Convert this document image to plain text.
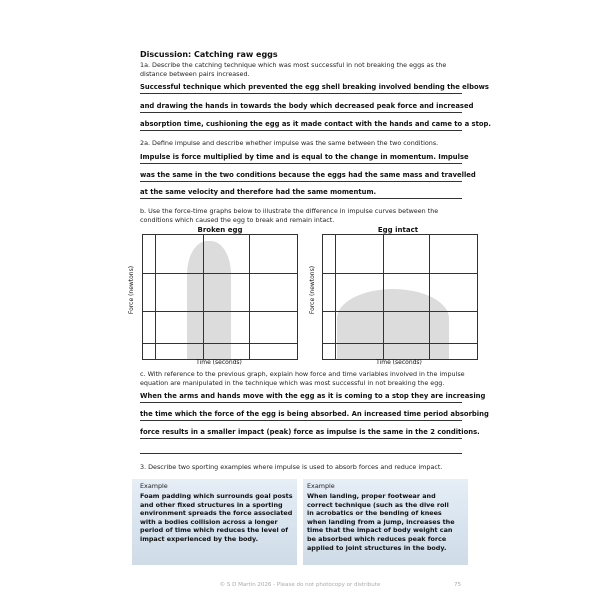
Discussion: Catching raw eggs
1a. Describe the catching technique which was most successful in not breaking the eggs as the
distance between pairs increased.
Successful technique which prevented the egg shell breaking involved bending the elbows
and drawing the hands in towards the body which decreased peak force and increased
absorption time, cushioning the egg as it made contact with the hands and came to a stop.
2a. Define impulse and describe whether impulse was the same between the two conditions.
Impulse is force multiplied by time and is equal to the change in momentum. Impulse
was the same in the two conditions because the eggs had the same mass and travelled
at the same velocity and therefore had the same momentum.
b. Use the force-time graphs below to illustrate the difference in impulse curves between the
conditions which caused the egg to break and remain intact.
Broken egg
Force (newtons)
Time (seconds)
Egg intact
Force (newtons)
Time (seconds)
c. With reference to the previous graph, explain how force and time variables involved in the impulse
equation are manipulated in the technique which was most successful in not breaking the egg.
When the arms and hands move with the egg as it is coming to a stop they are increasing
the time which the force of the egg is being absorbed. An increased time period absorbing
force results in a smaller impact (peak) force as impulse is the same in the 2 conditions.
3. Describe two sporting examples where impulse is used to absorb forces and reduce impact.
Example
Foam padding which surrounds goal posts
and other fixed structures in a sporting
environment spreads the force associated
with a bodies collision across a longer
period of time which reduces the level of
impact experienced by the body.
Example
When landing, proper footwear and
correct technique (such as the dive roll
in acrobatics or the bending of knees
when landing from a jump, increases the
time that the impact of body weight can
be absorbed which reduces peak force
applied to joint structures in the body.
© S D Martin 2026 - Please do not photocopy or distribute	75
